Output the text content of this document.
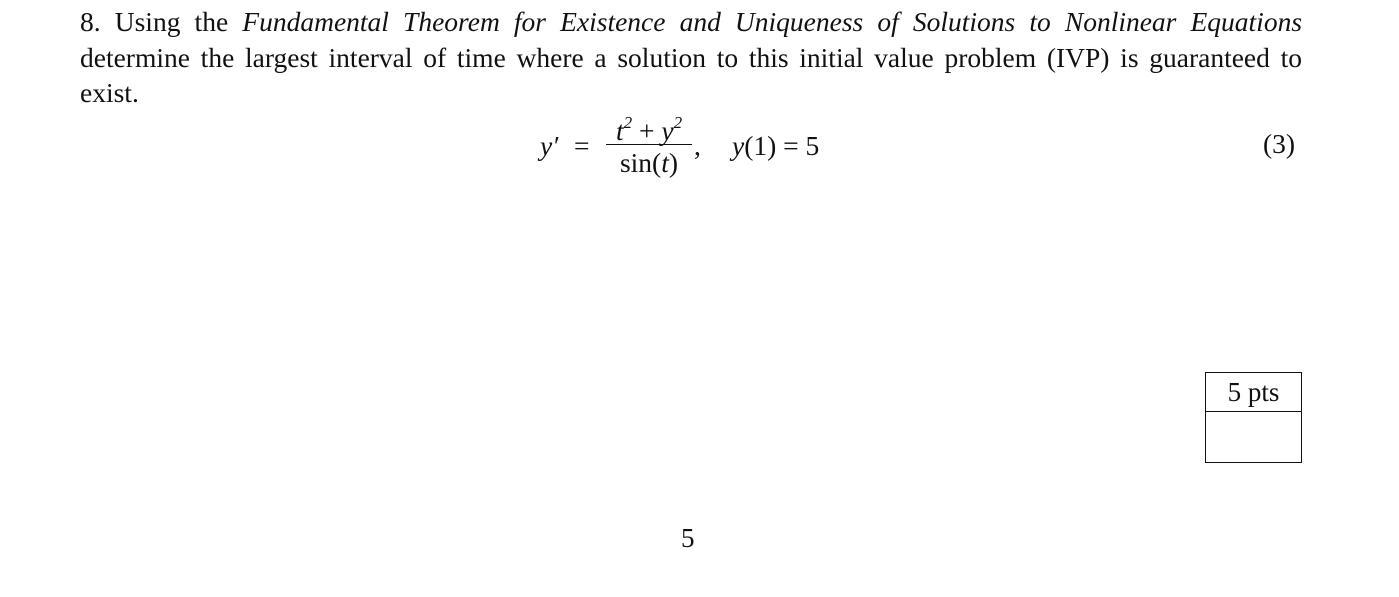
8. Using the Fundamental Theorem for Existence and Uniqueness of Solutions to Nonlinear Equations determine the largest interval of time where a solution to this initial value problem (IVP) is guaranteed to exist.
$y' = t^2 + y^2$
sin(t)
, y(1) = 5	(3)
5 pts
5
